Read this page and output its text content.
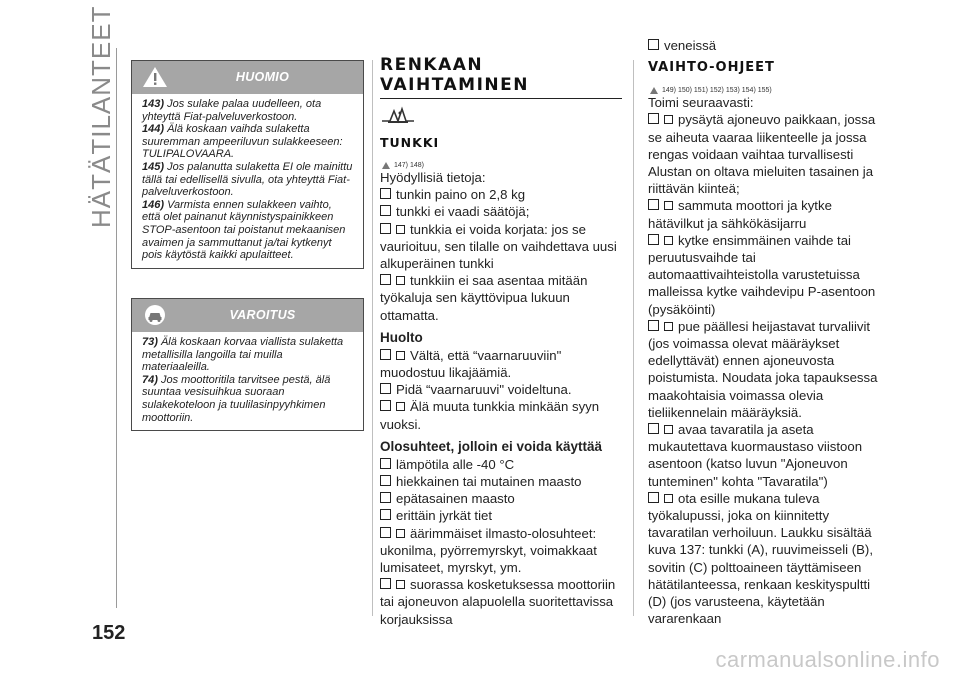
HÄTÄTILANTEET
152
HUOMIO

143) Jos sulake palaa uudelleen, ota yhteyttä Fiat-palveluverkostoon.

144) Älä koskaan vaihda sulaketta suuremman ampeeriluvun sulakkeeseen: TULIPALOVAARA.

145) Jos palanutta sulaketta EI ole mainittu tällä tai edellisellä sivulla, ota yhteyttä Fiat-palveluverkostoon.

146) Varmista ennen sulakkeen vaihto, että olet painanut käynnistyspainikkeen STOP-asentoon tai poistanut mekaanisen avaimen ja sammuttanut ja/tai kytkenyt pois käytöstä kaikki apulaitteet.

VAROITUS

73) Älä koskaan korvaa viallista sulaketta metallisilla langoilla tai muilla materiaaleilla.

74) Jos moottoritila tarvitsee pestä, älä suuntaa vesisuihkua suoraan sulakekoteloon ja tuulilasinpyyhkimen moottoriin.

RENKAAN
VAIHTAMINEN
TUNKKI
147) 148)
Hyödyllisiä tietoja:
tunkin paino on 2,8 kg
tunkki ei vaadi säätöjä;
tunkkia ei voida korjata: jos se vaurioituu, sen tilalle on vaihdettava uusi alkuperäinen tunkki
tunkkiin ei saa asentaa mitään työkaluja sen käyttövipua lukuun ottamatta.
Huolto
Vältä, että “vaarnaruuviin" muodostuu likajäämiä.
Pidä “vaarnaruuvi" voideltuna.
Älä muuta tunkkia minkään syyn vuoksi.
Olosuhteet, jolloin ei voida käyttää
lämpötila alle -40 °C
hiekkainen tai mutainen maasto
epätasainen maasto
erittäin jyrkät tiet
äärimmäiset ilmasto-olosuhteet: ukonilma, pyörremyrskyt, voimakkaat lumisateet, myrskyt, ym.
suorassa kosketuksessa moottoriin tai ajoneuvon alapuolella suoritettavissa korjauksissa
veneissä
VAIHTO-OHJEET
149) 150) 151) 152) 153) 154) 155)
Toimi seuraavasti:
pysäytä ajoneuvo paikkaan, jossa se aiheuta vaaraa liikenteelle ja jossa rengas voidaan vaihtaa turvallisesti Alustan on oltava mieluiten tasainen ja riittävän kiinteä;
sammuta moottori ja kytke hätävilkut ja sähkökäsijarru
kytke ensimmäinen vaihde tai peruutusvaihde tai automaattivaihteistolla varustetuissa malleissa kytke vaihdevipu P-asentoon (pysäköinti)
pue päällesi heijastavat turvaliivit (jos voimassa olevat määräykset edellyttävät) ennen ajoneuvosta poistumista. Noudata joka tapauksessa maakohtaisia voimassa olevia tieliikennelain määräyksiä.
avaa tavaratila ja aseta mukautettava kuormaustaso viistoon asentoon (katso luvun "Ajoneuvon tunteminen" kohta "Tavaratila")
ota esille mukana tuleva työkalupussi, joka on kiinnitetty tavaratilan verhoiluun. Laukku sisältää kuva 137: tunkki (A), ruuvimeisseli (B), sovitin (C) polttoaineen täyttämiseen hätätilanteessa, renkaan keskityspultti (D) (jos varusteena, käytetään vararenkaan
carmanualsonline.info
